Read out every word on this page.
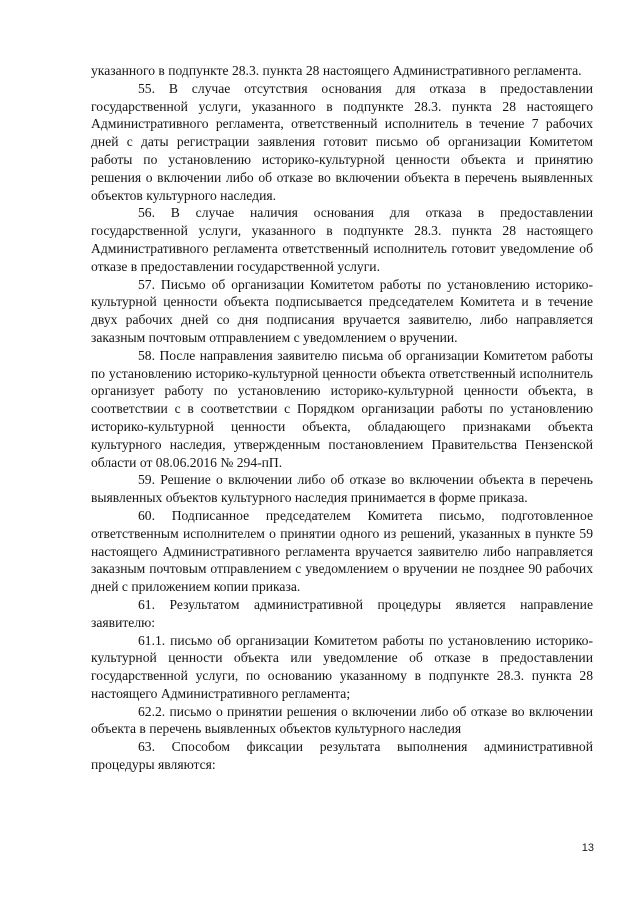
указанного в подпункте 28.3. пункта 28 настоящего Административного регламента.

55. В случае отсутствия основания для отказа в предоставлении государственной услуги, указанного в подпункте 28.3. пункта 28 настоящего Административного регламента, ответственный исполнитель в течение 7 рабочих дней с даты регистрации заявления готовит письмо об организации Комитетом работы по установлению историко-культурной ценности объекта и принятию решения о включении либо об отказе во включении объекта в перечень выявленных объектов культурного наследия.

56. В случае наличия основания для отказа в предоставлении государственной услуги, указанного в подпункте 28.3. пункта 28 настоящего Административного регламента ответственный исполнитель готовит уведомление об отказе в предоставлении государственной услуги.

57. Письмо об организации Комитетом работы по установлению историко-культурной ценности объекта подписывается председателем Комитета и в течение двух рабочих дней со дня подписания вручается заявителю, либо направляется заказным почтовым отправлением с уведомлением о вручении.

58. После направления заявителю письма об организации Комитетом работы по установлению историко-культурной ценности объекта ответственный исполнитель организует работу по установлению историко-культурной ценности объекта, в соответствии с в соответствии с Порядком организации работы по установлению историко-культурной ценности объекта, обладающего признаками объекта культурного наследия, утвержденным постановлением Правительства Пензенской области от 08.06.2016 № 294-пП.

59. Решение о включении либо об отказе во включении объекта в перечень выявленных объектов культурного наследия принимается в форме приказа.

60. Подписанное председателем Комитета письмо, подготовленное ответственным исполнителем о принятии одного из решений, указанных в пункте 59 настоящего Административного регламента вручается заявителю либо направляется заказным почтовым отправлением с уведомлением о вручении не позднее 90 рабочих дней с приложением копии приказа.

61. Результатом административной процедуры является направление заявителю:

61.1. письмо об организации Комитетом работы по установлению историко-культурной ценности объекта или уведомление об отказе в предоставлении государственной услуги, по основанию указанному в подпункте 28.3. пункта 28 настоящего Административного регламента;

62.2. письмо о принятии решения о включении либо об отказе во включении объекта в перечень выявленных объектов культурного наследия

63. Способом фиксации результата выполнения административной процедуры являются:

13
